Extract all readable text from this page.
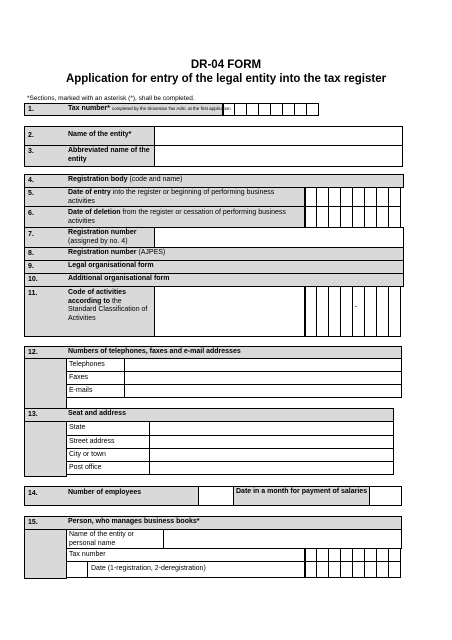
DR-04 FORM
Application for entry of the legal entity into the tax register
*Sections, marked with an asterisk (*), shall be completed.
1.	Tax number* completed by the Slovenian Tax Adm. at the first application
2.	Name of the entity*
3.	Abbreviated name of the entity
4.	Registration body (code and name)
5.	Date of entry into the register or beginning of performing business activities
6.	Date of deletion from the register or cessation of performing business activities
7.	Registration number
(assigned by no. 4)
8.	Registration number (AJPES)
9.	Legal organisational form
10.	Additional organisational form
11.	Code of activities according to the Standard Classification of Activities
.
12.	Numbers of telephones, faxes and e-mail addresses
Telephones
Faxes
E-mails
13.	Seat and address
State
Street address
City or town
Post office
14.	Number of employees	Date in a month for payment of salaries
15.	Person, who manages business books*
Name of the entity or personal name
Tax number
Date (1-registration, 2-deregistration)
